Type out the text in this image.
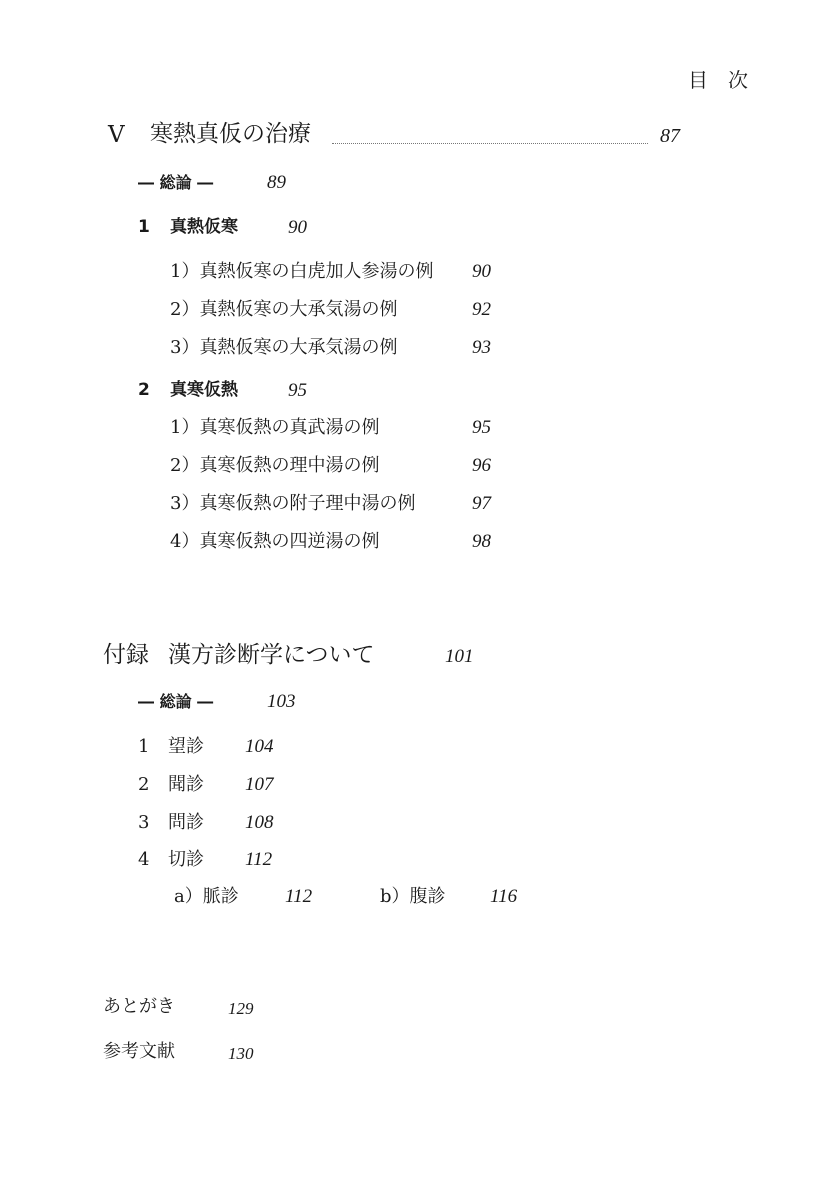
目　次
V 寒熱真仮の治療	87
― 総論 ―	89
1 真熱仮寒	90
1）真熱仮寒の白虎加人参湯の例 90
2）真熱仮寒の大承気湯の例	92
3）真熱仮寒の大承気湯の例	93
2 真寒仮熱	95
1）真寒仮熱の真武湯の例	95
2）真寒仮熱の理中湯の例	96
3）真寒仮熱の附子理中湯の例	97
4）真寒仮熱の四逆湯の例	98
付録 漢方診断学について	101
― 総論 ―	103
1 望診 104
2 聞診 107
3 問診 108
4 切診 112
a）脈診 112	b）腹診 116
あとがき	129
参考文献	130
